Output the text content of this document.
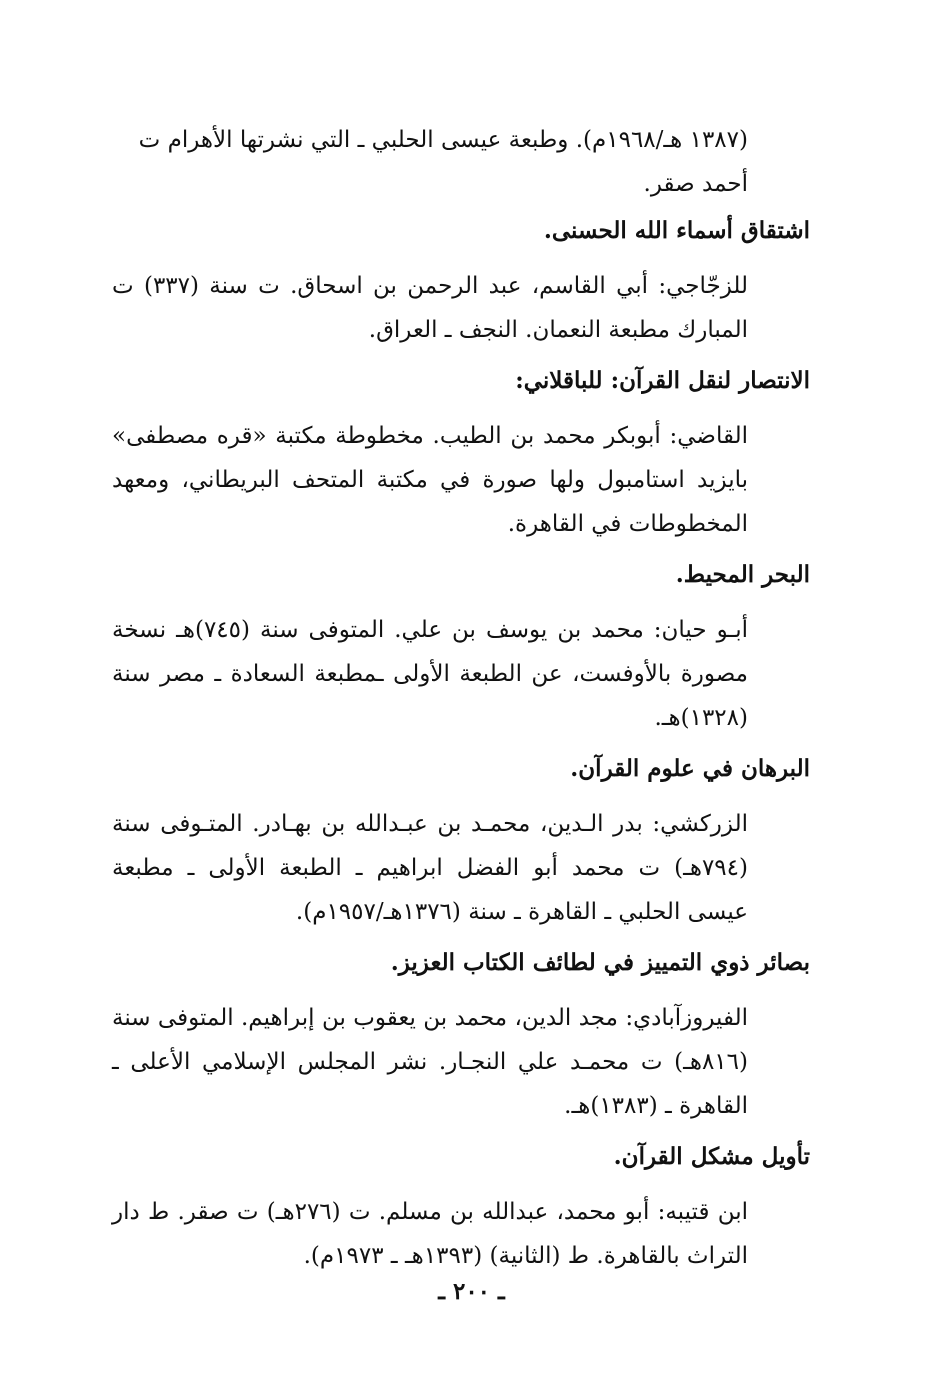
(١٣٨٧ هـ/١٩٦٨م). وطبعة عيسى الحلبي ـ التي نشرتها الأهرام ت
أحمد صقر.
اشتقاق أسماء الله الحسنى.
للزجّاجي: أبي القاسم، عبد الرحمن بن اسحاق. ت سنة (٣٣٧) ت المبارك مطبعة النعمان. النجف ـ العراق.
الانتصار لنقل القرآن: للباقلاني:
القاضي: أبوبكر محمد بن الطيب. مخطوطة مكتبة «قره مصطفى» بايزيد استامبول ولها صورة في مكتبة المتحف البريطاني، ومعهد المخطوطات في القاهرة.
البحر المحيط.
أبـو حيان: محمد بن يوسف بن علي. المتوفى سنة (٧٤٥)هـ نسخة مصورة بالأوفست، عن الطبعة الأولى ـمطبعة السعادة ـ مصر سنة (١٣٢٨)هـ.
البرهان في علوم القرآن.
الزركشي: بدر الـدين، محمـد بن عبـدالله بن بهـادر. المتـوفى سنة (٧٩٤هـ) ت محمد أبو الفضل ابراهيم ـ الطبعة الأولى ـ مطبعة عيسى الحلبي ـ القاهرة ـ سنة (١٣٧٦هـ/١٩٥٧م).
بصائر ذوي التمييز في لطائف الكتاب العزيز.
الفيروزآبادي: مجد الدين، محمد بن يعقوب بن إبراهيم. المتوفى سنة (٨١٦هـ) ت محمـد علي النجـار. نشر المجلس الإسلامي الأعلى ـ القاهرة ـ (١٣٨٣)هـ.
تأويل مشكل القرآن.
ابن قتيبه: أبو محمد، عبدالله بن مسلم. ت (٢٧٦هـ) ت صقر. ط دار التراث بالقاهرة. ط (الثانية) (١٣٩٣هـ ـ ١٩٧٣م).
ـ ٢٠٠ ـ
